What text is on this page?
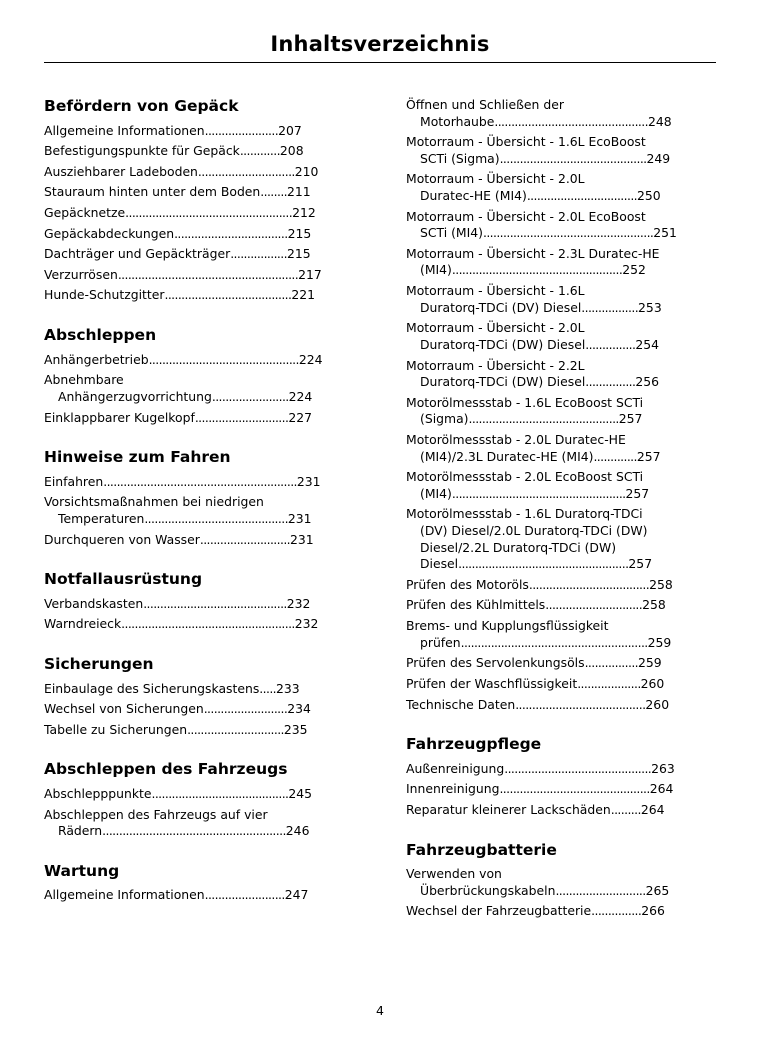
Inhaltsverzeichnis
Befördern von Gepäck
Allgemeine Informationen......................207
Befestigungspunkte für Gepäck............208
Ausziehbarer Ladeboden.............................210
Stauraum hinten unter dem Boden........211
Gepäcknetze..................................................212
Gepäckabdeckungen..................................215
Dachträger und Gepäckträger.................215
Verzurrösen......................................................217
Hunde-Schutzgitter......................................221
Abschleppen
Anhängerbetrieb.............................................224
Abnehmbare
Anhängerzugvorrichtung.......................224
Einklappbarer Kugelkopf............................227
Hinweise zum Fahren
Einfahren..........................................................231
Vorsichtsmaßnahmen bei niedrigen
Temperaturen...........................................231
Durchqueren von Wasser...........................231
Notfallausrüstung
Verbandskasten...........................................232
Warndreieck....................................................232
Sicherungen
Einbaulage des Sicherungskastens.....233
Wechsel von Sicherungen.........................234
Tabelle zu Sicherungen.............................235
Abschleppen des Fahrzeugs
Abschlepppunkte.........................................245
Abschleppen des Fahrzeugs auf vier
Rädern.......................................................246
Wartung
Allgemeine Informationen........................247
Öffnen und Schließen der
Motorhaube..............................................248
Motorraum - Übersicht - 1.6L EcoBoost
SCTi (Sigma)............................................249
Motorraum - Übersicht - 2.0L
Duratec-HE (MI4).................................250
Motorraum - Übersicht - 2.0L EcoBoost
SCTi (MI4)...................................................251
Motorraum - Übersicht - 2.3L Duratec-HE
(MI4)...................................................252
Motorraum - Übersicht - 1.6L
Duratorq-TDCi (DV) Diesel.................253
Motorraum - Übersicht - 2.0L
Duratorq-TDCi (DW) Diesel...............254
Motorraum - Übersicht - 2.2L
Duratorq-TDCi (DW) Diesel...............256
Motorölmessstab - 1.6L EcoBoost SCTi
(Sigma).............................................257
Motorölmessstab - 2.0L Duratec-HE
(MI4)/2.3L Duratec-HE (MI4).............257
Motorölmessstab - 2.0L EcoBoost SCTi
(MI4)....................................................257
Motorölmessstab - 1.6L Duratorq-TDCi
(DV) Diesel/2.0L Duratorq-TDCi (DW)
Diesel/2.2L Duratorq-TDCi (DW)
Diesel...................................................257
Prüfen des Motoröls....................................258
Prüfen des Kühlmittels.............................258
Brems- und Kupplungsflüssigkeit
prüfen........................................................259
Prüfen des Servolenkungsöls................259
Prüfen der Waschflüssigkeit...................260
Technische Daten.......................................260
Fahrzeugpflege
Außenreinigung............................................263
Innenreinigung.............................................264
Reparatur kleinerer Lackschäden.........264
Fahrzeugbatterie
Verwenden von
Überbrückungskabeln...........................265
Wechsel der Fahrzeugbatterie...............266
4
